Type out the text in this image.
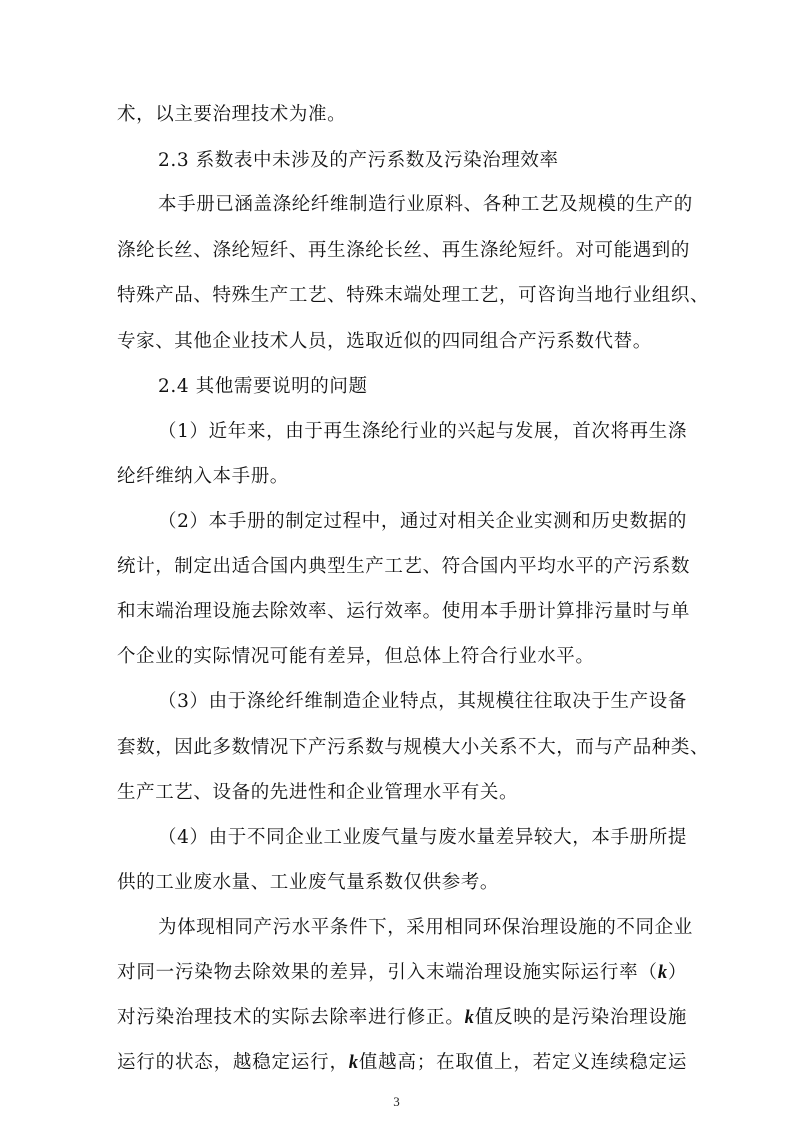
术，以主要治理技术为准。
2.3 系数表中未涉及的产污系数及污染治理效率
本手册已涵盖涤纶纤维制造行业原料、各种工艺及规模的生产的
涤纶长丝、涤纶短纤、再生涤纶长丝、再生涤纶短纤。对可能遇到的
特殊产品、特殊生产工艺、特殊末端处理工艺，可咨询当地行业组织、
专家、其他企业技术人员，选取近似的四同组合产污系数代替。
2.4 其他需要说明的问题
（1）近年来，由于再生涤纶行业的兴起与发展，首次将再生涤
纶纤维纳入本手册。
（2）本手册的制定过程中，通过对相关企业实测和历史数据的
统计，制定出适合国内典型生产工艺、符合国内平均水平的产污系数
和末端治理设施去除效率、运行效率。使用本手册计算排污量时与单
个企业的实际情况可能有差异，但总体上符合行业水平。
（3）由于涤纶纤维制造企业特点，其规模往往取决于生产设备
套数，因此多数情况下产污系数与规模大小关系不大，而与产品种类、
生产工艺、设备的先进性和企业管理水平有关。
（4）由于不同企业工业废气量与废水量差异较大，本手册所提
供的工业废水量、工业废气量系数仅供参考。
为体现相同产污水平条件下，采用相同环保治理设施的不同企业
对同一污染物去除效果的差异，引入末端治理设施实际运行率（k）
对污染治理技术的实际去除率进行修正。k值反映的是污染治理设施
运行的状态，越稳定运行，k值越高；在取值上，若定义连续稳定运
3
